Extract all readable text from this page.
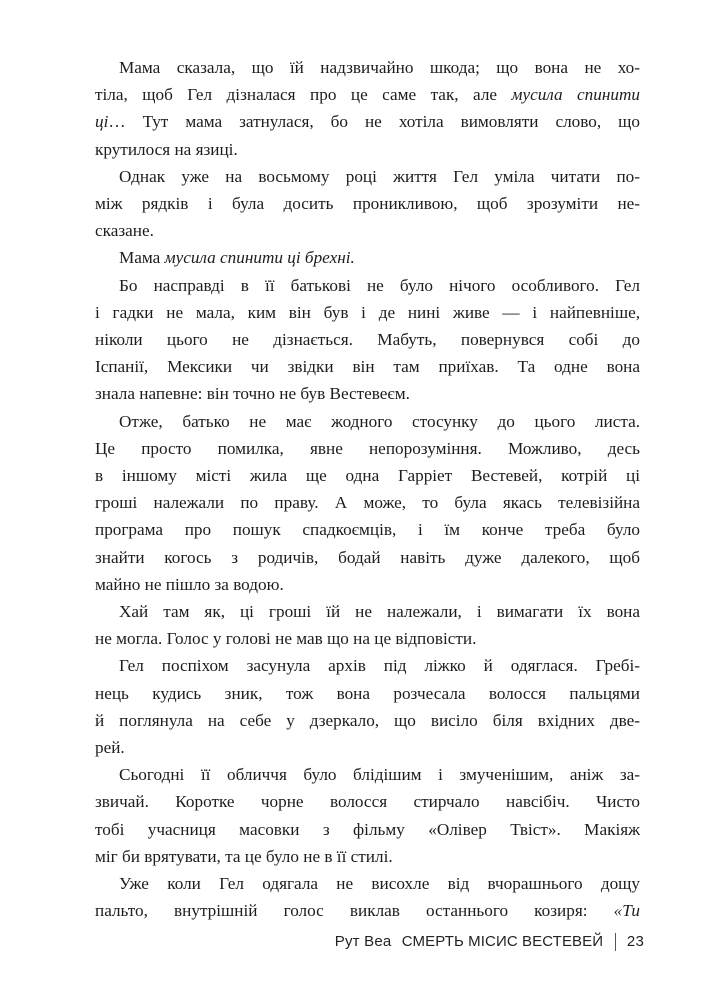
Мама сказала, що їй надзвичайно шкода; що вона не хо-
тіла, щоб Гел дізналася про це саме так, але мусила спинити
ці… Тут мама затнулася, бо не хотіла вимовляти слово, що
крутилося на язиці.
Однак уже на восьмому році життя Гел уміла читати по-
між рядків і була досить проникливою, щоб зрозуміти не-
сказане.
Мама мусила спинити ці брехні.
Бо насправді в її батькові не було нічого особливого. Гел
і гадки не мала, ким він був і де нині живе — і найпевніше,
ніколи цього не дізнається. Мабуть, повернувся собі до
Іспанії, Мексики чи звідки він там приїхав. Та одне вона
знала напевне: він точно не був Вестевеєм.
Отже, батько не має жодного стосунку до цього листа.
Це просто помилка, явне непорозуміння. Можливо, десь
в іншому місті жила ще одна Гарріет Вестевей, котрій ці
гроші належали по праву. А може, то була якась телевізійна
програма про пошук спадкоємців, і їм конче треба було
знайти когось з родичів, бодай навіть дуже далекого, щоб
майно не пішло за водою.
Хай там як, ці гроші їй не належали, і вимагати їх вона
не могла. Голос у голові не мав що на це відповісти.
Гел поспіхом засунула архів під ліжко й одяглася. Гребі-
нець кудись зник, тож вона розчесала волосся пальцями
й поглянула на себе у дзеркало, що висіло біля вхідних две-
рей.
Сьогодні її обличчя було блідішим і змученішим, аніж за-
звичай. Коротке чорне волосся стирчало навсібіч. Чисто
тобі учасниця масовки з фільму «Олівер Твіст». Макіяж
міг би врятувати, та це було не в її стилі.
Уже коли Гел одягала не висохле від вчорашнього дощу
пальто, внутрішній голос виклав останнього козиря: «Ти
Рут Веа СМЕРТЬ МІСИС ВЕСТЕВЕЙ 23
